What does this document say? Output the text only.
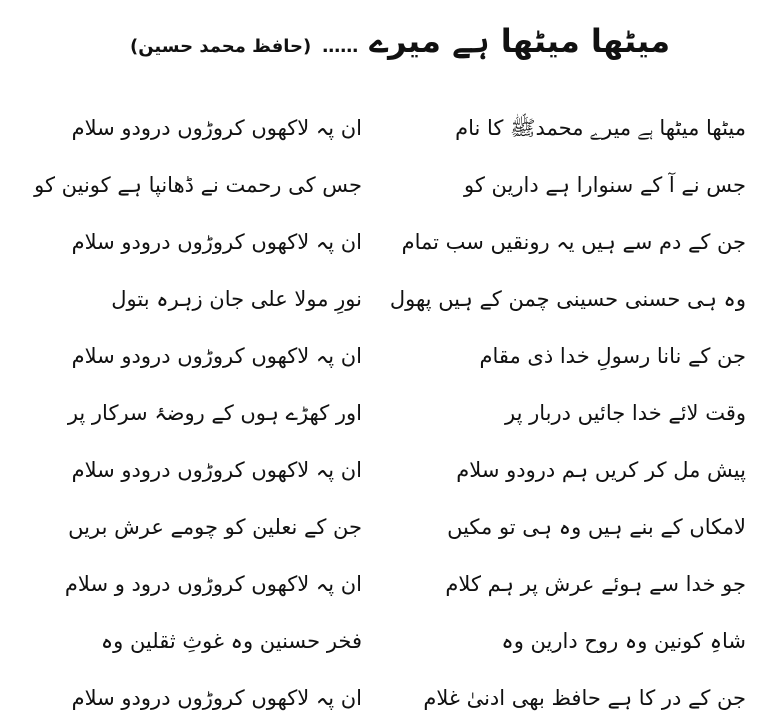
میٹھا میٹھا ہے میرے …… (حافظ محمد حسین)
میٹھا میٹھا ہے میرے محمدﷺ کا نام
جس نے آ کے سنوارا ہے دارین کو
جن کے دم سے ہیں یہ رونقیں سب تمام
وہ ہی حسنی حسینی چمن کے ہیں پھول
جن کے نانا رسولِ خدا ذی مقام
وقت لائے خدا جائیں دربار پر
پیش مل کر کریں ہم درودو سلام
لامکاں کے بنے ہیں وہ ہی تو مکیں
جو خدا سے ہوئے عرش پر ہم کلام
شاہِ کونین وہ روح دارین وہ
جن کے در کا ہے حافظ بھی ادنیٰ غلام
ان پہ لاکھوں کروڑوں درودو سلام
جس کی رحمت نے ڈھانپا ہے کونین کو
ان پہ لاکھوں کروڑوں درودو سلام
نورِ مولا علی جان زہرہ بتول
ان پہ لاکھوں کروڑوں درودو سلام
اور کھڑے ہوں کے روضۂ سرکار پر
ان پہ لاکھوں کروڑوں درودو سلام
جن کے نعلین کو چومے عرش بریں
ان پہ لاکھوں کروڑوں درود و سلام
فخر حسنین وہ غوثِ ثقلین وہ
ان پہ لاکھوں کروڑوں درودو سلام
